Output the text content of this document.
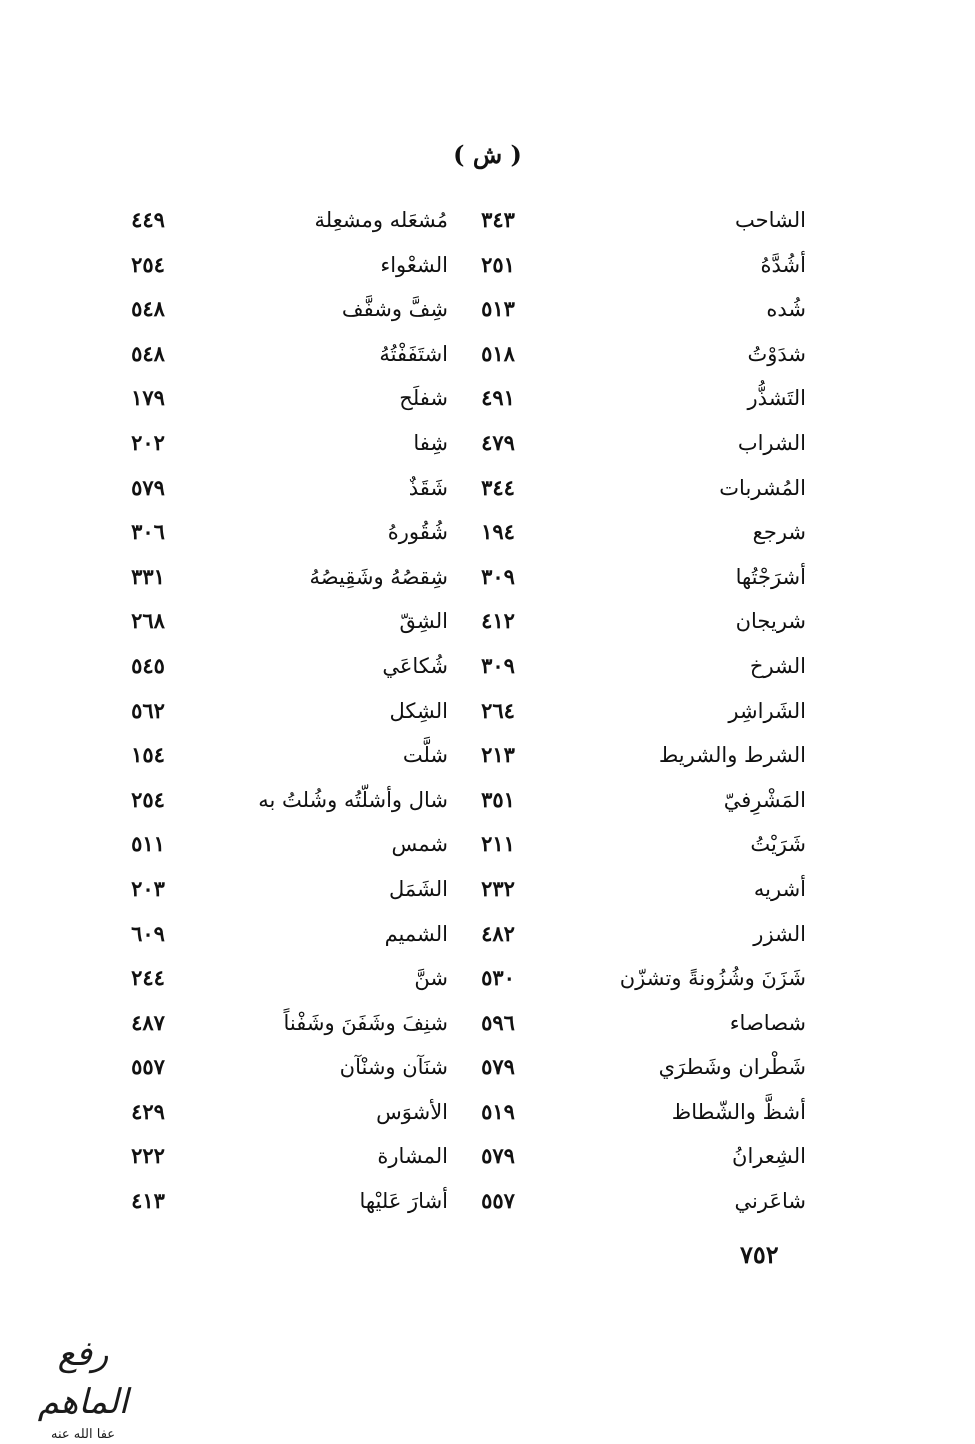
( ش )
الشاحب
٣٤٣
مُشعَله ومشعِلة
٤٤٩
أشُدَّهُ
٢٥١
الشعْواء
٢٥٤
شُده
٥١٣
شِفَّ وشفَّف
٥٤٨
شدَوْتُ
٥١٨
اشتَفَفْتُهُ
٥٤٨
التَشذُّر
٤٩١
شفلَح
١٧٩
الشراب
٤٧٩
شِفا
٢٠٢
المُشربات
٣٤٤
شَقَذٌ
٥٧٩
شرجع
١٩٤
شُقُورهُ
٣٠٦
أشرَجْتُها
٣٠٩
شِقصُهُ وشَقِيصُهُ
٣٣١
شريجان
٤١٢
الشِقّ
٢٦٨
الشرخ
٣٠٩
شُكاعَي
٥٤٥
الشَراشِر
٢٦٤
الشِكل
٥٦٢
الشرط والشريط
٢١٣
شلَّت
١٥٤
المَشْرِفيّ
٣٥١
شال وأشلّتُه وشُلتُ به
٢٥٤
شَرَيْتُ
٢١١
شمس
٥١١
أشريه
٢٣٢
الشَمَل
٢٠٣
الشزر
٤٨٢
الشميم
٦٠٩
شَزَنَ وشُزُونةً وتشزّن
٥٣٠
شنَّ
٢٤٤
شصاصاء
٥٩٦
شنِفَ وشَفَنَ وشَفْناً
٤٨٧
شَطْران وشَطرَي
٥٧٩
شنَآن وشنْآن
٥٥٧
أشظَّ والشّطاظ
٥١٩
الأشوَس
٤٢٩
الشِعرانُ
٥٧٩
المشارة
٢٢٢
شاعَرني
٥٥٧
أشارَ عَليْها
٤١٣
٧٥٢
رفع الماهم
عفا الله عنه
